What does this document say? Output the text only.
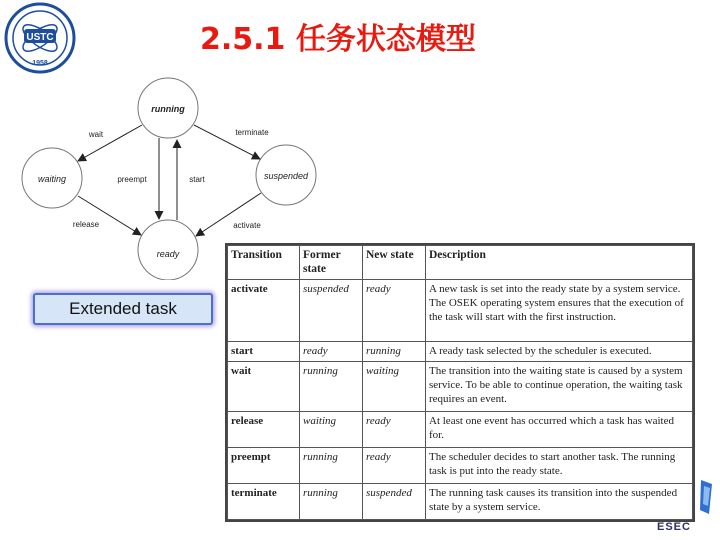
USTC
1958
2.5.1 任务状态模型
running
waiting	suspended
ready
wait	terminate
preempt	start
release	activate
Extended task
Transition	Former state	New state	Description
activate	suspended	ready	A new task is set into the ready state by a system service. The OSEK operating system ensures that the execution of the task will start with the first instruction.
start	ready	running	A ready task selected by the scheduler is executed.
wait	running	waiting	The transition into the waiting state is caused by a system service. To be able to continue operation, the waiting task requires an event.
release	waiting	ready	At least one event has occurred which a task has waited for.
preempt	running	ready	The scheduler decides to start another task. The running task is put into the ready state.
terminate	running	suspended	The running task causes its transition into the suspended state by a system service.
ESEC
